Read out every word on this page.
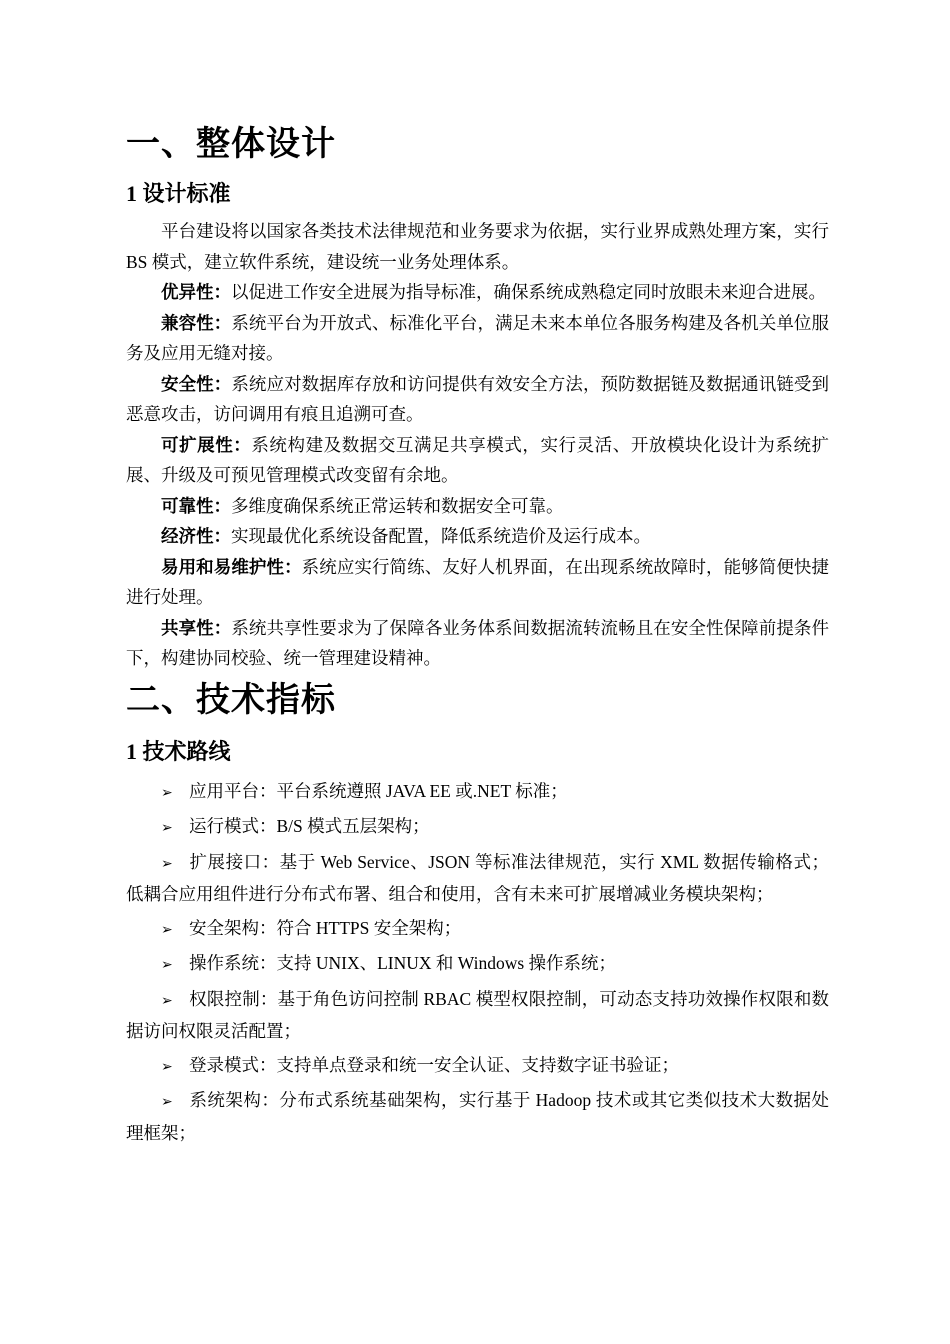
一、整体设计
1 设计标准

平台建设将以国家各类技术法律规范和业务要求为依据，实行业界成熟处理方案，实行 BS 模式，建立软件系统，建设统一业务处理体系。

优异性：以促进工作安全进展为指导标准，确保系统成熟稳定同时放眼未来迎合进展。

兼容性：系统平台为开放式、标准化平台，满足未来本单位各服务构建及各机关单位服务及应用无缝对接。

安全性：系统应对数据库存放和访问提供有效安全方法，预防数据链及数据通讯链受到恶意攻击，访问调用有痕且追溯可查。

可扩展性：系统构建及数据交互满足共享模式，实行灵活、开放模块化设计为系统扩展、升级及可预见管理模式改变留有余地。

可靠性：多维度确保系统正常运转和数据安全可靠。

经济性：实现最优化系统设备配置，降低系统造价及运行成本。

易用和易维护性：系统应实行简练、友好人机界面，在出现系统故障时，能够简便快捷进行处理。

共享性：系统共享性要求为了保障各业务体系间数据流转流畅且在安全性保障前提条件下，构建协同校验、统一管理建设精神。

二、技术指标
1 技术路线

➢ 应用平台：平台系统遵照 JAVA EE 或.NET 标准；

➢ 运行模式：B/S 模式五层架构；

➢ 扩展接口：基于 Web Service、JSON 等标准法律规范，实行 XML 数据传输格式；低耦合应用组件进行分布式布署、组合和使用，含有未来可扩展增减业务模块架构；

➢ 安全架构：符合 HTTPS 安全架构；

➢ 操作系统：支持 UNIX、LINUX 和 Windows 操作系统；

➢ 权限控制：基于角色访问控制 RBAC 模型权限控制，可动态支持功效操作权限和数据访问权限灵活配置；

➢ 登录模式：支持单点登录和统一安全认证、支持数字证书验证；

➢ 系统架构：分布式系统基础架构，实行基于 Hadoop 技术或其它类似技术大数据处理框架；
